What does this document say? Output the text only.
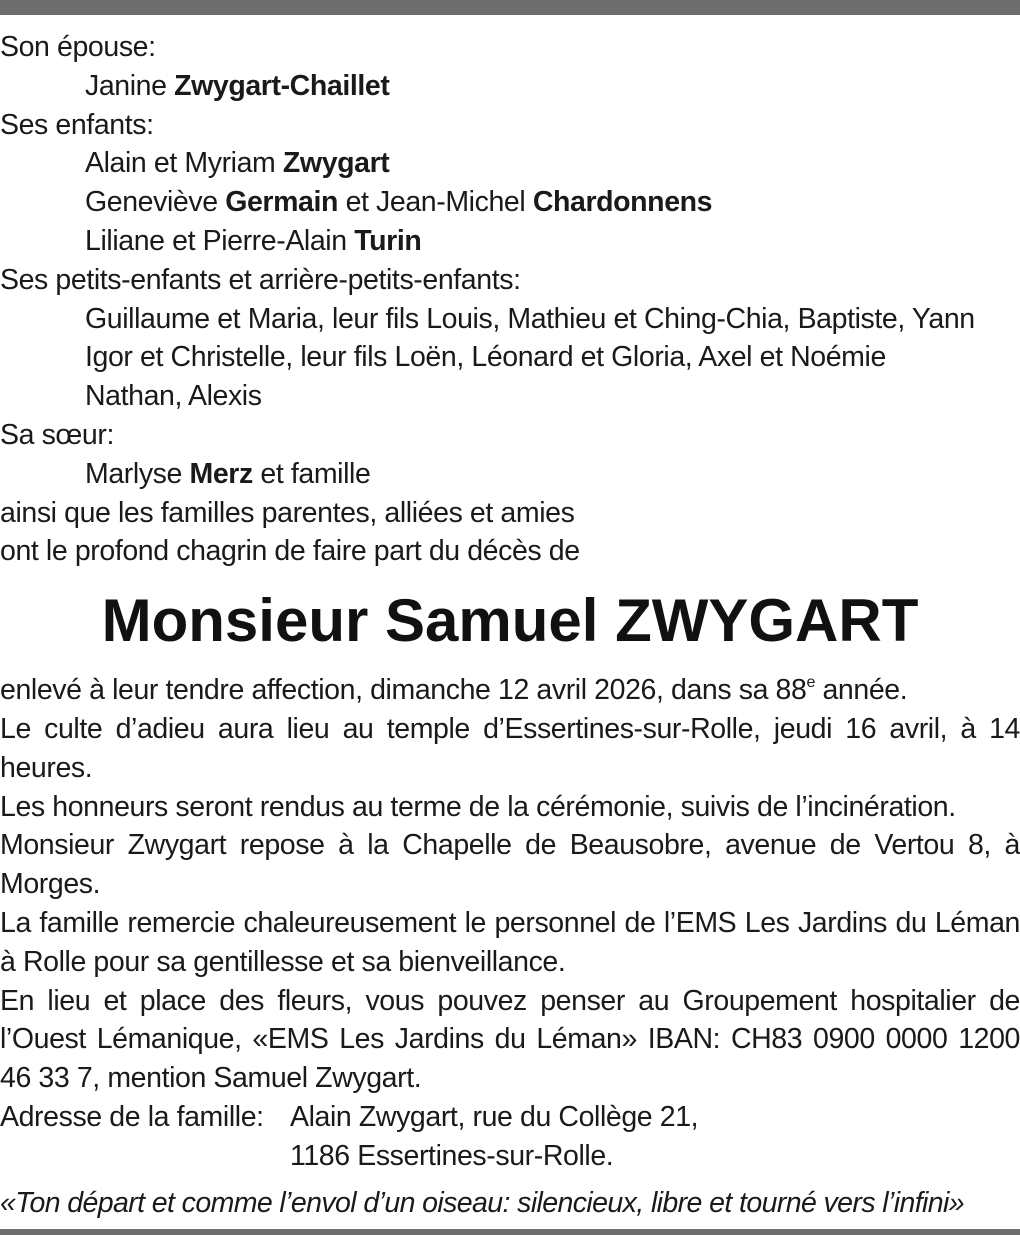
Son épouse:
Janine Zwygart-Chaillet
Ses enfants:
Alain et Myriam Zwygart
Geneviève Germain et Jean-Michel Chardonnens
Liliane et Pierre-Alain Turin
Ses petits-enfants et arrière-petits-enfants:
Guillaume et Maria, leur fils Louis, Mathieu et Ching-Chia, Baptiste, Yann
Igor et Christelle, leur fils Loën, Léonard et Gloria, Axel et Noémie
Nathan, Alexis
Sa sœur:
Marlyse Merz et famille
ainsi que les familles parentes, alliées et amies
ont le profond chagrin de faire part du décès de
Monsieur Samuel ZWYGART
enlevé à leur tendre affection, dimanche 12 avril 2026, dans sa 88e année.
Le culte d’adieu aura lieu au temple d’Essertines-sur-Rolle, jeudi 16 avril, à 14 heures.
Les honneurs seront rendus au terme de la cérémonie, suivis de l’incinération.
Monsieur Zwygart repose à la Chapelle de Beausobre, avenue de Vertou 8, à Morges.
La famille remercie chaleureusement le personnel de l’EMS Les Jardins du Léman à Rolle pour sa gentillesse et sa bienveillance.
En lieu et place des fleurs, vous pouvez penser au Groupement hospitalier de l’Ouest Lémanique, «EMS Les Jardins du Léman» IBAN: CH83 0900 0000 1200 46 33 7, mention Samuel Zwygart.
Adresse de la famille: Alain Zwygart, rue du Collège 21,
1186 Essertines-sur-Rolle.
«Ton départ et comme l’envol d’un oiseau: silencieux, libre et tourné vers l’infini»
